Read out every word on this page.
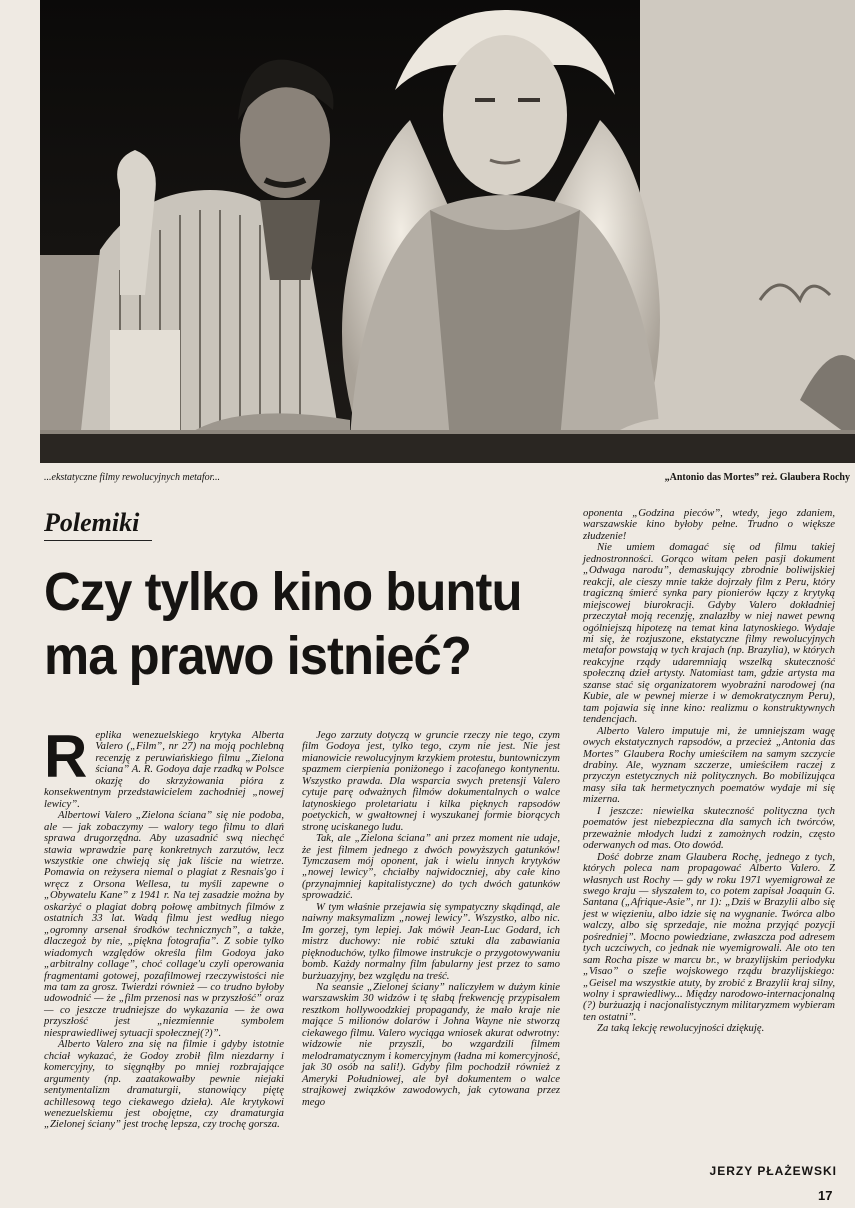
...ekstatyczne filmy rewolucyjnych metafor...	„Antonio das Mortes” reż. Glaubera Rochy
Polemiki
Czy tylko kino buntu ma prawo istnieć?

Replika wenezuelskiego krytyka Alberta Valero („Film”, nr 27) na moją pochlebną recenzję z peruwiańskiego filmu „Zielona ściana” A. R. Godoya daje rzadką w Polsce okazję do skrzyżowania pióra z konsekwentnym przedstawicielem zachodniej „nowej lewicy”.

Albertowi Valero „Zielona ściana” się nie podoba, ale — jak zobaczymy — walory tego filmu to dlań sprawa drugorzędna. Aby uzasadnić swą niechęć stawia wprawdzie parę konkretnych zarzutów, lecz wszystkie one chwieją się jak liście na wietrze. Pomawia on reżysera niemal o plagiat z Resnais'go i wręcz z Orsona Wellesa, tu myśli zapewne o „Obywatelu Kane” z 1941 r. Na tej zasadzie można by oskarżyć o plagiat dobrą połowę ambitnych filmów z ostatnich 33 lat. Wadą filmu jest według niego „ogromny arsenał środków technicznych”, a także, dlaczegoż by nie, „piękna fotografia”. Z sobie tylko wiadomych względów określa film Godoya jako „arbitralny collage”, choć collage'u czyli operowania fragmentami gotowej, pozafilmowej rzeczywistości nie ma tam za grosz. Twierdzi również — co trudno byłoby udowodnić — że „film przenosi nas w przyszłość” oraz — co jeszcze trudniejsze do wykazania — że owa przyszłość jest „niezmiennie symbolem niesprawiedliwej sytuacji społecznej(?)”.

Alberto Valero zna się na filmie i gdyby istotnie chciał wykazać, że Godoy zrobił film niezdarny i komercyjny, to sięgnąłby po mniej rozbrajające argumenty (np. zaatakowałby pewnie niejaki sentymentalizm dramaturgii, stanowiący piętę achillesową tego ciekawego dzieła). Ale krytykowi wenezuelskiemu jest obojętne, czy dramaturgia „Zielonej ściany” jest trochę lepsza, czy trochę gorsza.

Jego zarzuty dotyczą w gruncie rzeczy nie tego, czym film Godoya jest, tylko tego, czym nie jest. Nie jest mianowicie rewolucyjnym krzykiem protestu, buntowniczym spazmem cierpienia poniżonego i zacofanego kontynentu. Wszystko prawda. Dla wsparcia swych pretensji Valero cytuje parę odważnych filmów dokumentalnych o walce latynoskiego proletariatu i kilka pięknych rapsodów poetyckich, w gwałtownej i wyszukanej formie biorących stronę uciskanego ludu.

Tak, ale „Zielona ściana” ani przez moment nie udaje, że jest filmem jednego z dwóch powyższych gatunków! Tymczasem mój oponent, jak i wielu innych krytyków „nowej lewicy”, chciałby najwidoczniej, aby całe kino (przynajmniej kapitalistyczne) do tych dwóch gatunków sprowadzić.

W tym właśnie przejawia się sympatyczny skądinąd, ale naiwny maksymalizm „nowej lewicy”. Wszystko, albo nic. Im gorzej, tym lepiej. Jak mówił Jean-Luc Godard, ich mistrz duchowy: nie robić sztuki dla zabawiania pięknoduchów, tylko filmowe instrukcje o przygotowywaniu bomb. Każdy normalny film fabularny jest przez to samo burżuazyjny, bez względu na treść.

Na seansie „Zielonej ściany” naliczyłem w dużym kinie warszawskim 30 widzów i tę słabą frekwencję przypisałem resztkom hollywoodzkiej propagandy, że mało kraje nie mające 5 milionów dolarów i Johna Wayne nie stworzą ciekawego filmu. Valero wyciąga wniosek akurat odwrotny: widzowie nie przyszli, bo wzgardzili filmem melodramatycznym i komercyjnym (ładna mi komercyjność, jak 30 osób na sali!). Gdyby film pochodził również z Ameryki Południowej, ale był dokumentem o walce strajkowej związków zawodowych, jak cytowana przez mego

oponenta „Godzina pieców”, wtedy, jego zdaniem, warszawskie kino byłoby pełne. Trudno o większe złudzenie!

Nie umiem domagać się od filmu takiej jednostronności. Gorąco witam pełen pasji dokument „Odwaga narodu”, demaskujący zbrodnie boliwijskiej reakcji, ale cieszy mnie także dojrzały film z Peru, który tragiczną śmierć synka pary pionierów łączy z krytyką miejscowej biurokracji. Gdyby Valero dokładniej przeczytał moją recenzję, znalazłby w niej nawet pewną ogólniejszą hipotezę na temat kina latynoskiego. Wydaje mi się, że rozjuszone, ekstatyczne filmy rewolucyjnych metafor powstają w tych krajach (np. Brazylia), w których reakcyjne rządy udaremniają wszelką skuteczność społeczną dzieł artysty. Natomiast tam, gdzie artysta ma szanse stać się organizatorem wyobraźni narodowej (na Kubie, ale w pewnej mierze i w demokratycznym Peru), tam pojawia się inne kino: realizmu o konstruktywnych tendencjach.

Alberto Valero imputuje mi, że umniejszam wagę owych ekstatycznych rapsodów, a przecież „Antonia das Mortes” Glaubera Rochy umieściłem na samym szczycie drabiny. Ale, wyznam szczerze, umieściłem raczej z przyczyn estetycznych niż politycznych. Bo mobilizująca masy siła tak hermetycznych poematów wydaje mi się mizerna.

I jeszcze: niewielka skuteczność polityczna tych poematów jest niebezpieczna dla samych ich twórców, przeważnie młodych ludzi z zamożnych rodzin, często oderwanych od mas. Oto dowód.

Dość dobrze znam Glaubera Rochę, jednego z tych, których poleca nam propagować Alberto Valero. Z własnych ust Rochy — gdy w roku 1971 wyemigrował ze swego kraju — słyszałem to, co potem zapisał Joaquin G. Santana („Afrique-Asie”, nr 1): „Dziś w Brazylii albo się jest w więzieniu, albo idzie się na wygnanie. Twórca albo walczy, albo się sprzedaje, nie można przyjąć pozycji pośredniej”. Mocno powiedziane, zwłaszcza pod adresem tych uczciwych, co jednak nie wyemigrowali. Ale oto ten sam Rocha pisze w marcu br., w brazylijskim periodyku „Visao” o szefie wojskowego rządu brazylijskiego: „Geisel ma wszystkie atuty, by zrobić z Brazylii kraj silny, wolny i sprawiedliwy... Między narodowo-internacjonalną (?) burżuazją i nacjonalistycznym militaryzmem wybieram ten ostatni”.

Za taką lekcję rewolucyjności dziękuję.

JERZY PŁAŻEWSKI
17
